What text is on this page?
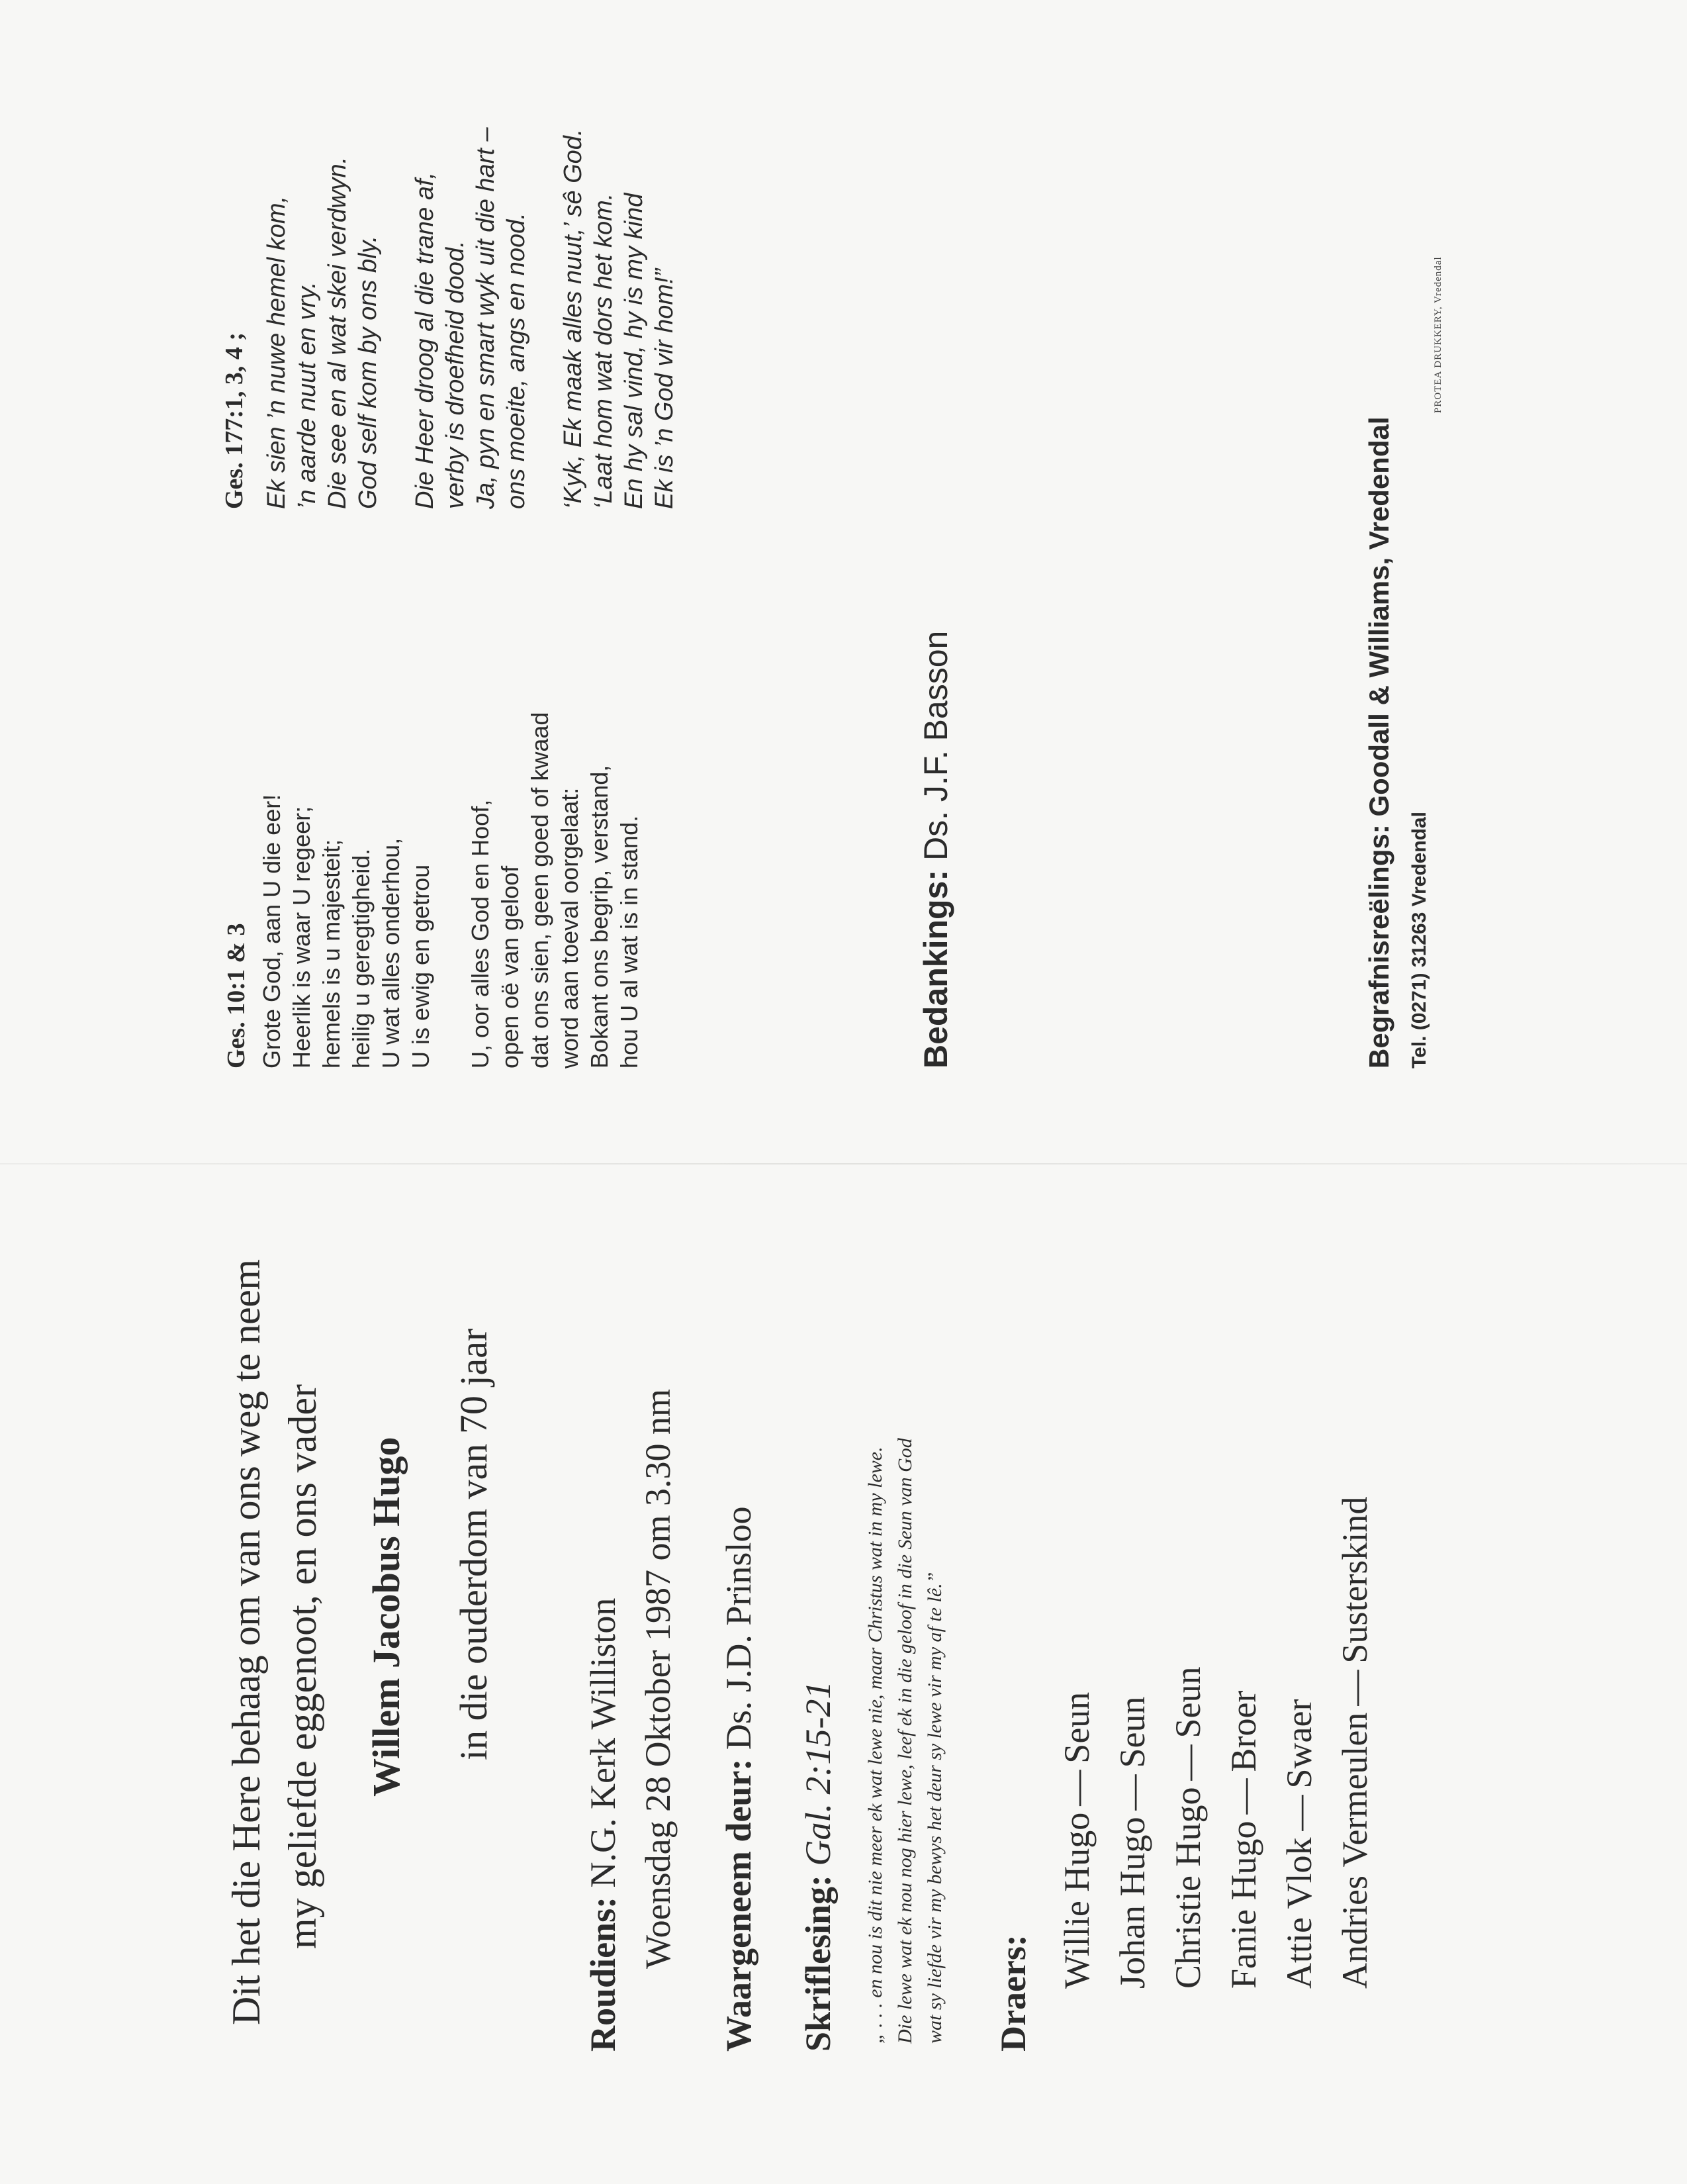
Dit het die Here behaag om van ons weg te neem my geliefde eggenoot, en ons vader Willem Jacobus Hugo in die ouderdom van 70 jaar
Roudiens: N.G. Kerk Williston Woensdag 28 Oktober 1987 om 3.30 nm Waargeneem deur: Ds. J.D. Prinsloo
Skriflesing: Gal. 2:15-21 „ . . . en nou is dit nie meer ek wat lewe nie, maar Christus wat in my lewe. Die lewe wat ek nou nog hier lewe, leef ek in die geloof in die Seun van God wat sy liefde vir my bewys het deur sy lewe vir my af te lê.” Draers:
Willie Hugo—Seun
Johan Hugo—Seun
Christie Hugo—Seun
Fanie Hugo—Broer
Attie Vlok—Swaer Andries Vermeulen—Susterskind
Ges. 10:1 & 3 Grote God, aan U die eer! Heerlik is waar U regeer; hemels is u majesteit; heilig u geregtigheid. U wat alles onderhou, U is ewig en getrou U, oor alles God en Hoof, open oë van geloof dat ons sien, geen goed of kwaad word aan toeval oorgelaat: Bokant ons begrip, verstand, hou U al wat is in stand.
Ges. 177:1, 3, 4 ; Ek sien ’n nuwe hemel kom, ’n aarde nuut en vry. Die see en al wat skei verdwyn. God self kom by ons bly. Die Heer droog al die trane af, verby is droefheid dood. Ja, pyn en smart wyk uit die hart – ons moeite, angs en nood. ‘Kyk, Ek maak alles nuut,’ sê God. ‘Laat hom wat dors het kom. En hy sal vind, hy is my kind Ek is ’n God vir hom!”
Bedankings: Ds. J.F. Basson	Begrafnisreëlings: Goodall & Williams, Vredendal Tel. (0271) 31263 Vredendal
PROTEA DRUKKERY, Vredendal
